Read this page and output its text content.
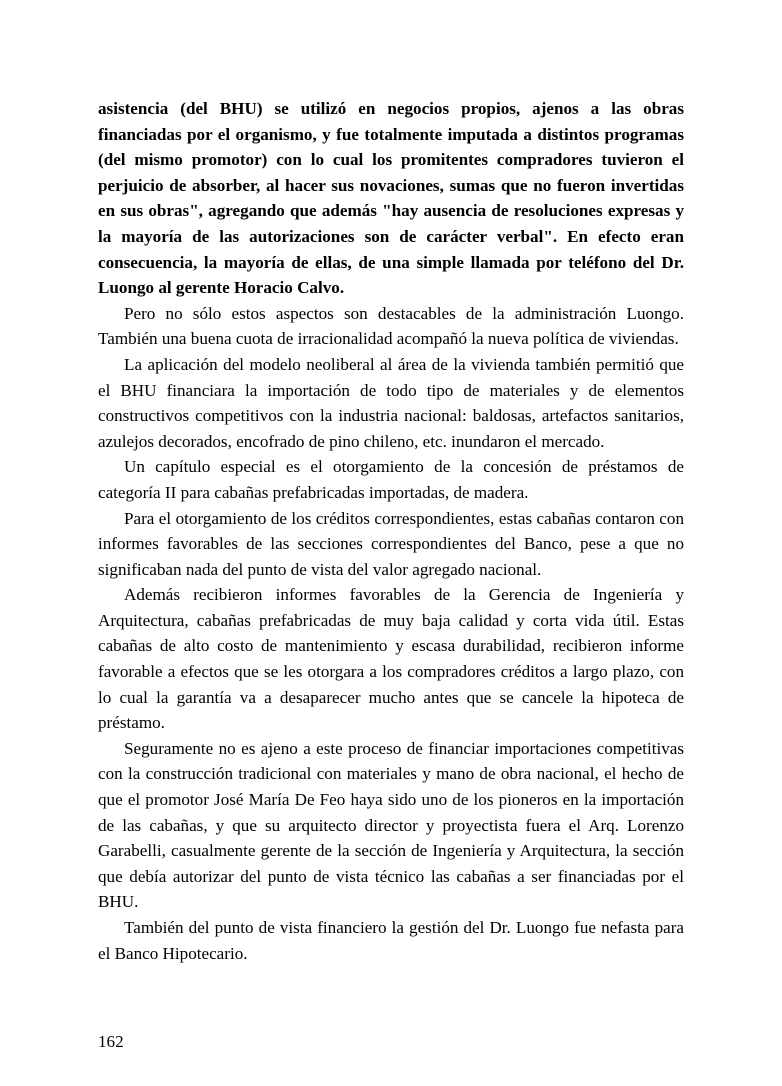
asistencia (del BHU) se utilizó en negocios propios, ajenos a las obras financiadas por el organismo, y fue totalmente imputada a distintos programas (del mismo promotor) con lo cual los promitentes compradores tuvieron el perjuicio de absorber, al hacer sus novaciones, sumas que no fueron invertidas en sus obras", agregando que además "hay ausencia de resoluciones expresas y la mayoría de las autorizaciones son de carácter verbal". En efecto eran consecuencia, la mayoría de ellas, de una simple llamada por teléfono del Dr. Luongo al gerente Horacio Calvo.

Pero no sólo estos aspectos son destacables de la administración Luongo. También una buena cuota de irracionalidad acompañó la nueva política de viviendas.

La aplicación del modelo neoliberal al área de la vivienda también permitió que el BHU financiara la importación de todo tipo de materiales y de elementos constructivos competitivos con la industria nacional: baldosas, artefactos sanitarios, azulejos decorados, encofrado de pino chileno, etc. inundaron el mercado.

Un capítulo especial es el otorgamiento de la concesión de préstamos de categoría II para cabañas prefabricadas importadas, de madera.

Para el otorgamiento de los créditos correspondientes, estas cabañas contaron con informes favorables de las secciones correspondientes del Banco, pese a que no significaban nada del punto de vista del valor agregado nacional.

Además recibieron informes favorables de la Gerencia de Ingeniería y Arquitectura, cabañas prefabricadas de muy baja calidad y corta vida útil. Estas cabañas de alto costo de mantenimiento y escasa durabilidad, recibieron informe favorable a efectos que se les otorgara a los compradores créditos a largo plazo, con lo cual la garantía va a desaparecer mucho antes que se cancele la hipoteca de préstamo.

Seguramente no es ajeno a este proceso de financiar importaciones competitivas con la construcción tradicional con materiales y mano de obra nacional, el hecho de que el promotor José María De Feo haya sido uno de los pioneros en la importación de las cabañas, y que su arquitecto director y proyectista fuera el Arq. Lorenzo Garabelli, casualmente gerente de la sección de Ingeniería y Arquitectura, la sección que debía autorizar del punto de vista técnico las cabañas a ser financiadas por el BHU.

También del punto de vista financiero la gestión del Dr. Luongo fue nefasta para el Banco Hipotecario.

162
